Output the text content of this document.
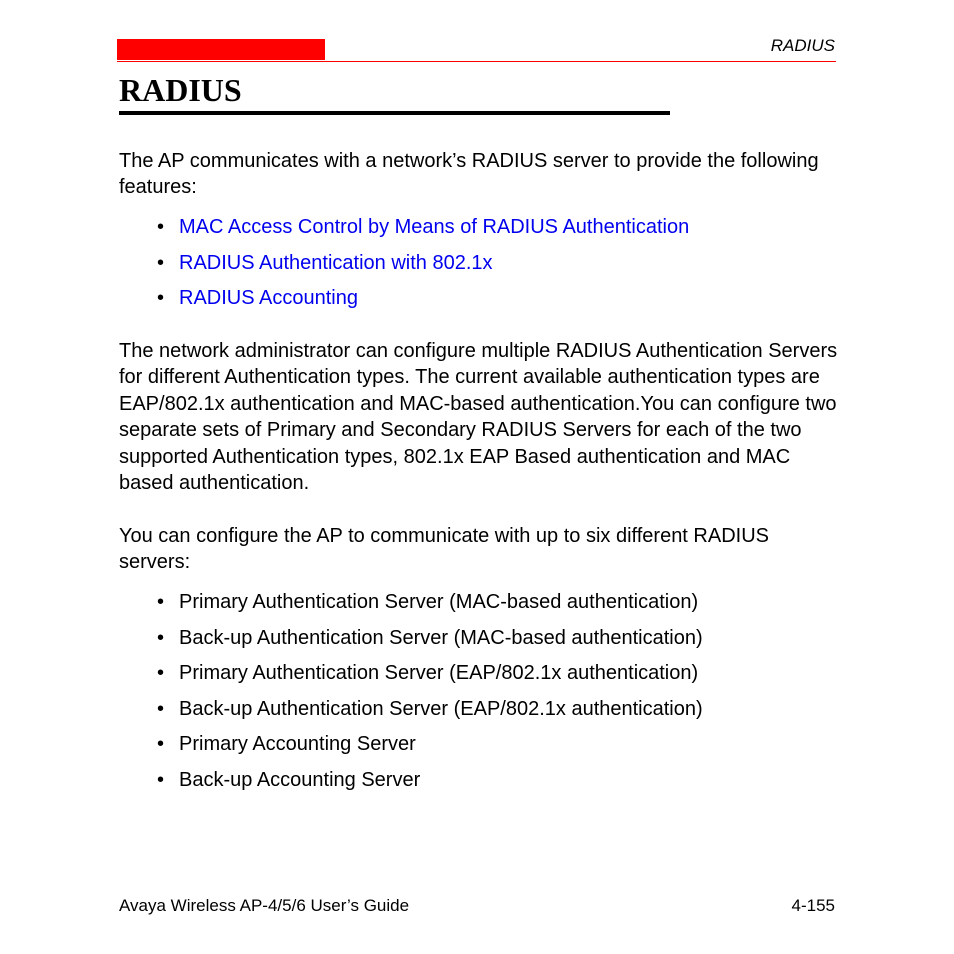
RADIUS
RADIUS

The AP communicates with a network’s RADIUS server to provide the following features:

• MAC Access Control by Means of RADIUS Authentication
• RADIUS Authentication with 802.1x
• RADIUS Accounting

The network administrator can configure multiple RADIUS Authentication Servers for different Authentication types. The current available authentication types are EAP/802.1x authentication and MAC-based authentication.You can configure two separate sets of Primary and Secondary RADIUS Servers for each of the two supported Authentication types, 802.1x EAP Based authentication and MAC based authentication.

You can configure the AP to communicate with up to six different RADIUS servers:

• Primary Authentication Server (MAC-based authentication)
• Back-up Authentication Server (MAC-based authentication)
• Primary Authentication Server (EAP/802.1x authentication)
• Back-up Authentication Server (EAP/802.1x authentication)
• Primary Accounting Server
• Back-up Accounting Server
Avaya Wireless AP-4/5/6 User’s Guide	4-155
